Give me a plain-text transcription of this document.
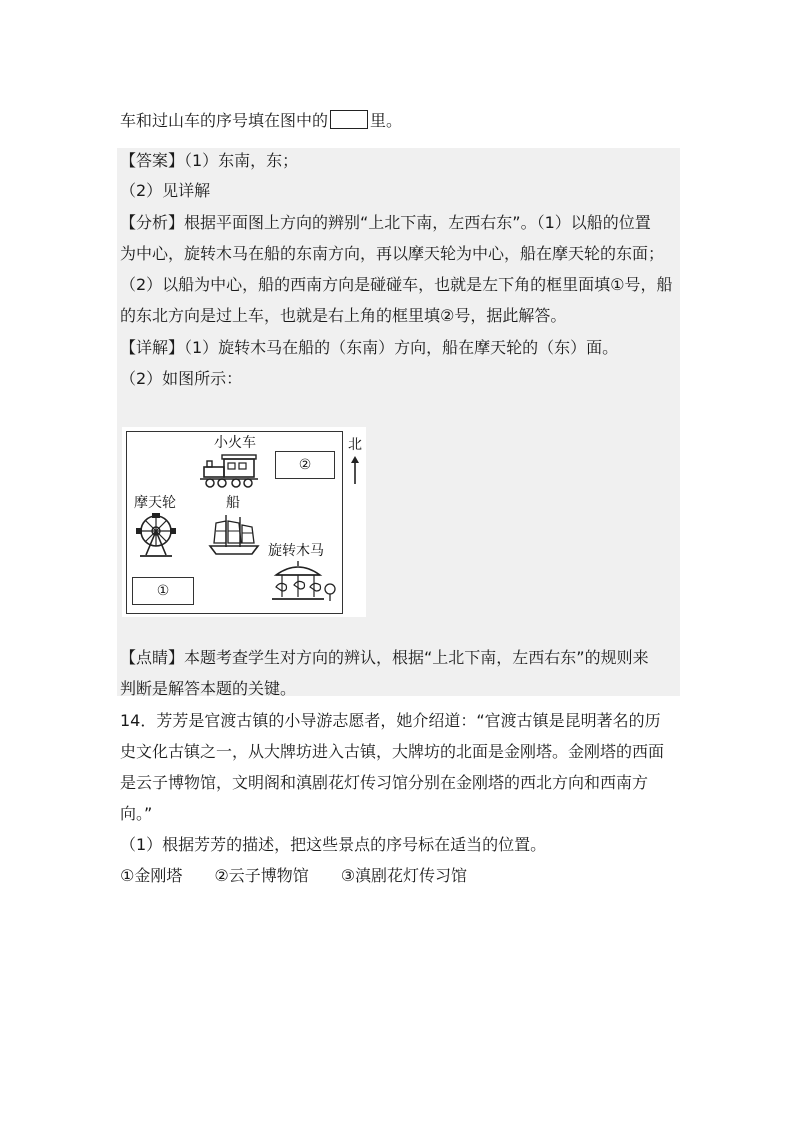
车和过山车的序号填在图中的	里。
【答案】（1）东南，东；
（2）见详解
【分析】根据平面图上方向的辨别“上北下南，左西右东”。（1）以船的位置
为中心，旋转木马在船的东南方向，再以摩天轮为中心，船在摩天轮的东面；
（2）以船为中心，船的西南方向是碰碰车，也就是左下角的框里面填①号，船
的东北方向是过上车，也就是右上角的框里填②号，据此解答。
【详解】（1）旋转木马在船的（东南）方向，船在摩天轮的（东）面。
（2）如图所示：
小火车
②
北
摩天轮	船
旋转木马
①
【点睛】本题考查学生对方向的辨认，根据“上北下南，左西右东”的规则来
判断是解答本题的关键。
14．芳芳是官渡古镇的小导游志愿者，她介绍道：“官渡古镇是昆明著名的历
史文化古镇之一，从大牌坊进入古镇，大牌坊的北面是金刚塔。金刚塔的西面
是云子博物馆，文明阁和滇剧花灯传习馆分别在金刚塔的西北方向和西南方
向。”
（1）根据芳芳的描述，把这些景点的序号标在适当的位置。
①金刚塔　　②云子博物馆　　③滇剧花灯传习馆
